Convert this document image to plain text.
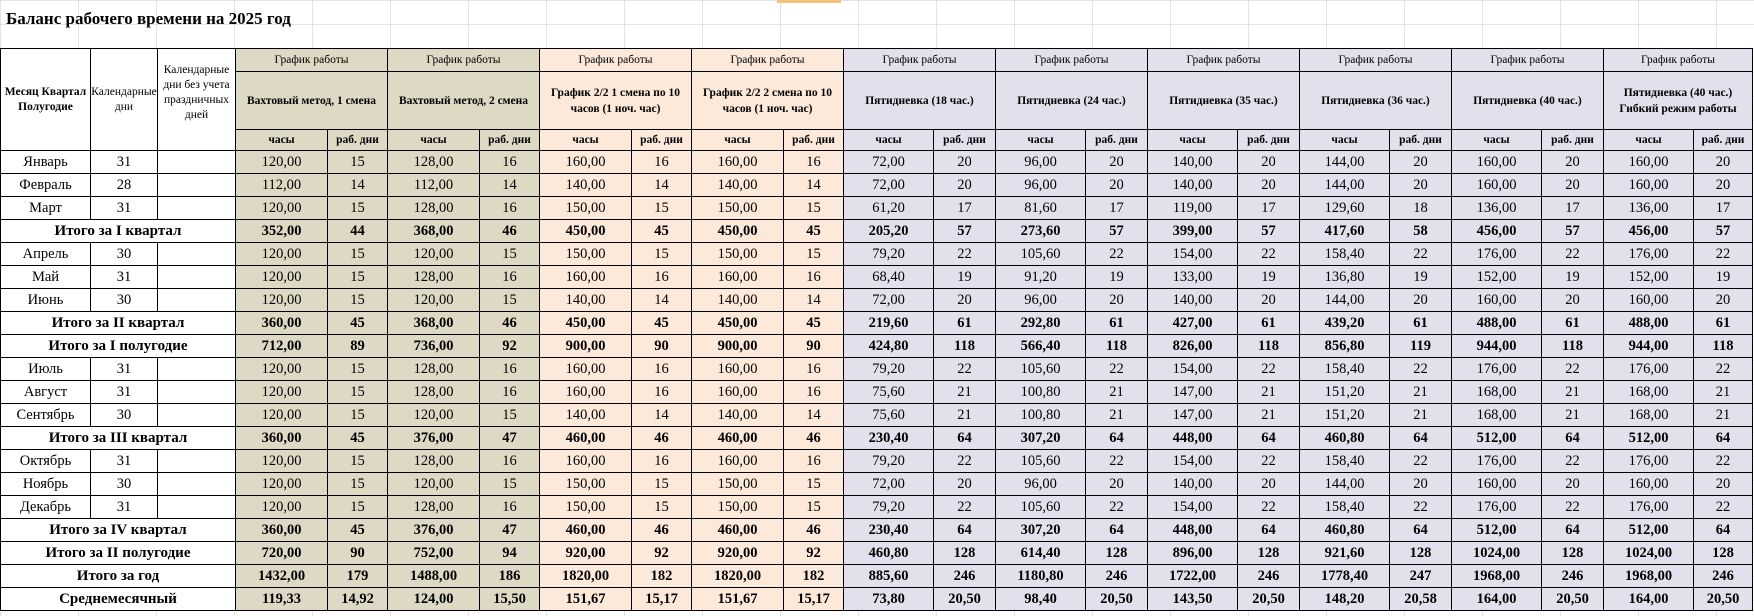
Баланс рабочего времени на 2025 год
Месяц Квартал Полугодие	Календарные дни	Календарные дни без учета праздничных дней	График работы		График работы		График работы		График работы		График работы		График работы		График работы		График работы		График работы		График работы	
			Вахтовый метод, 1 смена		Вахтовый метод, 2 смена		График 2/2 1 смена по 10 часов (1 ноч. час)		График 2/2 2 смена по 10 часов (1 ноч. час)		Пятидневка (18 час.)		Пятидневка (24 час.)		Пятидневка (35 час.)		Пятидневка (36 час.)		Пятидневка (40 час.)		Пятидневка (40 час.) Гибкий режим работы	
			часы	раб. дни	часы	раб. дни	часы	раб. дни	часы	раб. дни	часы	раб. дни	часы	раб. дни	часы	раб. дни	часы	раб. дни	часы	раб. дни	часы	раб. дни
Январь	31		120,00	15	128,00	16	160,00	16	160,00	16	72,00	20	96,00	20	140,00	20	144,00	20	160,00	20	160,00	20
Февраль	28		112,00	14	112,00	14	140,00	14	140,00	14	72,00	20	96,00	20	140,00	20	144,00	20	160,00	20	160,00	20
Март	31		120,00	15	128,00	16	150,00	15	150,00	15	61,20	17	81,60	17	119,00	17	129,60	18	136,00	17	136,00	17
Итого за I квартал			352,00	44	368,00	46	450,00	45	450,00	45	205,20	57	273,60	57	399,00	57	417,60	58	456,00	57	456,00	57
Апрель	30		120,00	15	120,00	15	150,00	15	150,00	15	79,20	22	105,60	22	154,00	22	158,40	22	176,00	22	176,00	22
Май	31		120,00	15	128,00	16	160,00	16	160,00	16	68,40	19	91,20	19	133,00	19	136,80	19	152,00	19	152,00	19
Июнь	30		120,00	15	120,00	15	140,00	14	140,00	14	72,00	20	96,00	20	140,00	20	144,00	20	160,00	20	160,00	20
Итого за II квартал			360,00	45	368,00	46	450,00	45	450,00	45	219,60	61	292,80	61	427,00	61	439,20	61	488,00	61	488,00	61
Итого за I полугодие			712,00	89	736,00	92	900,00	90	900,00	90	424,80	118	566,40	118	826,00	118	856,80	119	944,00	118	944,00	118
Июль	31		120,00	15	128,00	16	160,00	16	160,00	16	79,20	22	105,60	22	154,00	22	158,40	22	176,00	22	176,00	22
Август	31		120,00	15	128,00	16	160,00	16	160,00	16	75,60	21	100,80	21	147,00	21	151,20	21	168,00	21	168,00	21
Сентябрь	30		120,00	15	120,00	15	140,00	14	140,00	14	75,60	21	100,80	21	147,00	21	151,20	21	168,00	21	168,00	21
Итого за III квартал			360,00	45	376,00	47	460,00	46	460,00	46	230,40	64	307,20	64	448,00	64	460,80	64	512,00	64	512,00	64
Октябрь	31		120,00	15	128,00	16	160,00	16	160,00	16	79,20	22	105,60	22	154,00	22	158,40	22	176,00	22	176,00	22
Ноябрь	30		120,00	15	120,00	15	150,00	15	150,00	15	72,00	20	96,00	20	140,00	20	144,00	20	160,00	20	160,00	20
Декабрь	31		120,00	15	128,00	16	150,00	15	150,00	15	79,20	22	105,60	22	154,00	22	158,40	22	176,00	22	176,00	22
Итого за IV квартал			360,00	45	376,00	47	460,00	46	460,00	46	230,40	64	307,20	64	448,00	64	460,80	64	512,00	64	512,00	64
Итого за II полугодие			720,00	90	752,00	94	920,00	92	920,00	92	460,80	128	614,40	128	896,00	128	921,60	128	1024,00	128	1024,00	128
Итого за год			1432,00	179	1488,00	186	1820,00	182	1820,00	182	885,60	246	1180,80	246	1722,00	246	1778,40	247	1968,00	246	1968,00	246
Среднемесячный			119,33	14,92	124,00	15,50	151,67	15,17	151,67	15,17	73,80	20,50	98,40	20,50	143,50	20,50	148,20	20,58	164,00	20,50	164,00	20,50
